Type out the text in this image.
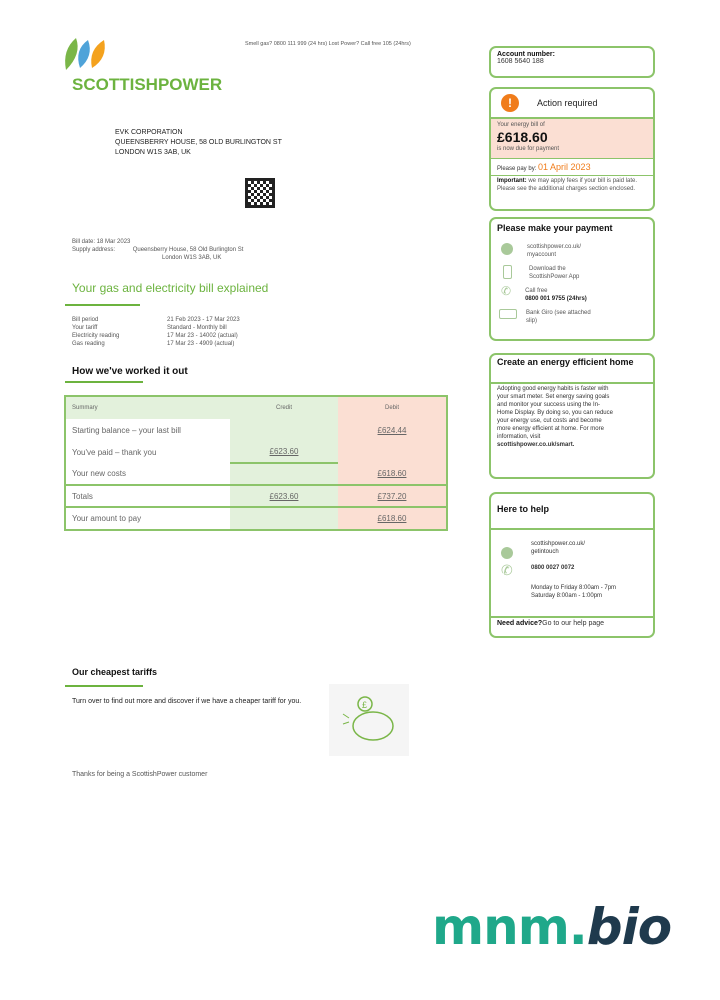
SCOTTISHPOWER
Smell gas? 0800 111 999 (24 hrs) Lost Power? Call free 105 (24hrs)
EVK CORPORATION
QUEENSBERRY HOUSE, 58 OLD BURLINGTON ST
LONDON W1S 3AB, UK
Bill date: 18 Mar 2023
Supply address:	Queensberry House, 58 Old Burlington St
London W1S 3AB, UK
Your gas and electricity bill explained
Bill period	21 Feb 2023 - 17 Mar 2023
Your tariff	Standard - Monthly bill
Electricity reading	17 Mar 23 - 14002 (actual)
Gas reading	17 Mar 23 - 4909 (actual)
How we've worked it out
Summary	Credit	Debit
Starting balance – your last bill		£624.44
You've paid – thank you	£623.60	
Your new costs		£618.60
Totals	£623.60	£737.20
Your amount to pay		£618.60
Account number:
1608 5640 188
!	Action required
Your energy bill of
£618.60
is now due for payment
Please pay by: 01 April 2023
Important: we may apply fees if your bill is paid late. Please see the additional charges section enclosed.
Please make your payment
scottishpower.co.uk/ myaccount
Download the ScottishPower App
✆ Call free
0800 001 9755 (24hrs)
Bank Giro (see attached slip)
Create an energy efficient home
Adopting good energy habits is faster with your smart meter. Set energy saving goals and monitor your success using the In-Home Display. By doing so, you can reduce your energy use, cut costs and become more energy efficient at home. For more information, visit scottishpower.co.uk/smart.
Here to help
✆
scottishpower.co.uk/ getintouch
0800 0027 0072
Monday to Friday 8:00am - 7pm
Saturday 8:00am - 1:00pm
Need advice?Go to our help page
Our cheapest tariffs
Turn over to find out more and discover if we have a cheaper tariff for you.	£
Thanks for being a ScottishPower customer
mnm.bio
